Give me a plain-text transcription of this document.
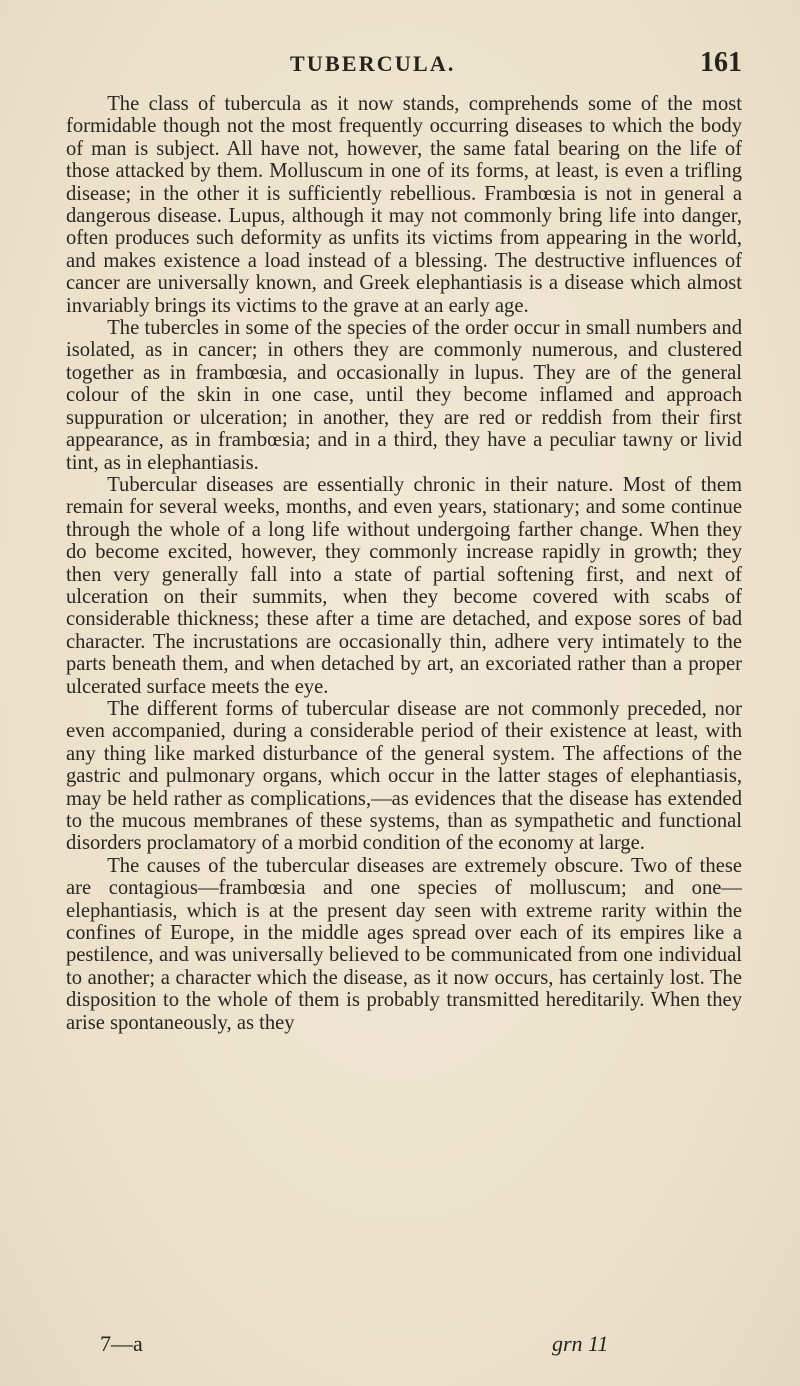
TUBERCULA.	161

The class of tubercula as it now stands, comprehends some of the most formidable though not the most frequently occurring diseases to which the body of man is subject. All have not, however, the same fatal bearing on the life of those attacked by them. Molluscum in one of its forms, at least, is even a trifling disease; in the other it is sufficiently rebellious. Frambœsia is not in general a dangerous disease. Lupus, although it may not commonly bring life into danger, often produces such deformity as unfits its victims from appearing in the world, and makes existence a load instead of a blessing. The destructive influences of cancer are universally known, and Greek elephantiasis is a disease which almost invariably brings its victims to the grave at an early age.

The tubercles in some of the species of the order occur in small numbers and isolated, as in cancer; in others they are commonly numerous, and clustered together as in frambœsia, and occasionally in lupus. They are of the general colour of the skin in one case, until they become inflamed and approach suppuration or ulceration; in another, they are red or reddish from their first appearance, as in frambœsia; and in a third, they have a peculiar tawny or livid tint, as in elephantiasis.

Tubercular diseases are essentially chronic in their nature. Most of them remain for several weeks, months, and even years, stationary; and some continue through the whole of a long life without undergoing farther change. When they do become excited, however, they commonly increase rapidly in growth; they then very generally fall into a state of partial softening first, and next of ulceration on their summits, when they become covered with scabs of considerable thickness; these after a time are detached, and expose sores of bad character. The incrustations are occasionally thin, adhere very intimately to the parts beneath them, and when detached by art, an excoriated rather than a proper ulcerated surface meets the eye.

The different forms of tubercular disease are not commonly preceded, nor even accompanied, during a considerable period of their existence at least, with any thing like marked disturbance of the general system. The affections of the gastric and pulmonary organs, which occur in the latter stages of elephantiasis, may be held rather as complications,—as evidences that the disease has extended to the mucous membranes of these systems, than as sympathetic and functional disorders proclamatory of a morbid condition of the economy at large.

The causes of the tubercular diseases are extremely obscure. Two of these are contagious—frambœsia and one species of molluscum; and one—elephantiasis, which is at the present day seen with extreme rarity within the confines of Europe, in the middle ages spread over each of its empires like a pestilence, and was universally believed to be communicated from one individual to another; a character which the disease, as it now occurs, has certainly lost. The disposition to the whole of them is probably transmitted hereditarily. When they arise spontaneously, as they

7—a	grn 11
